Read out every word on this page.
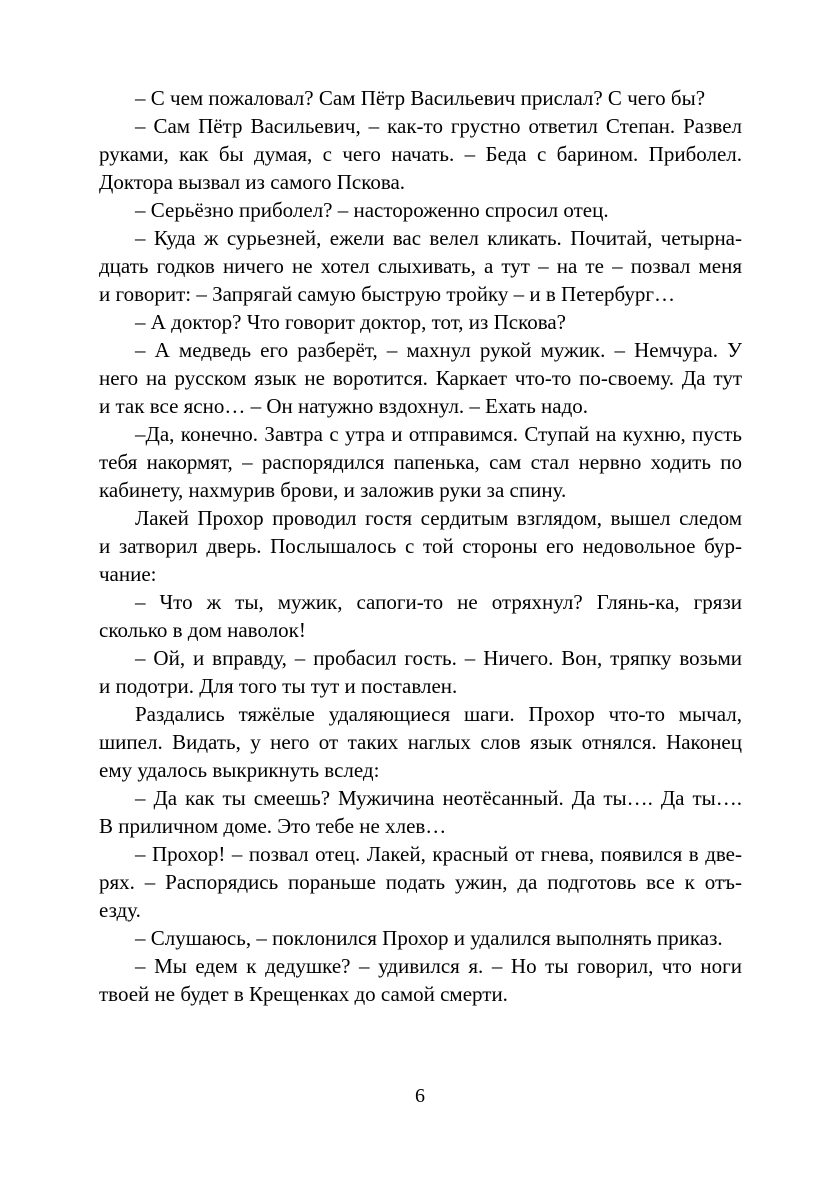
– С чем пожаловал? Сам Пётр Васильевич прислал? С чего бы?
– Сам Пётр Васильевич, – как-то грустно ответил Степан. Развел
руками, как бы думая, с чего начать. – Беда с барином. Приболел.
Доктора вызвал из самого Пскова.
– Серьёзно приболел? – настороженно спросил отец.
– Куда ж сурьезней, ежели вас велел кликать. Почитай, четырна-
дцать годков ничего не хотел слыхивать, а тут – на те – позвал меня
и говорит: – Запрягай самую быструю тройку – и в Петербург…
– А доктор? Что говорит доктор, тот, из Пскова?
– А медведь его разберёт, – махнул рукой мужик. – Немчура. У
него на русском язык не воротится. Каркает что-то по-своему. Да тут
и так все ясно… – Он натужно вздохнул. – Ехать надо.
–Да, конечно. Завтра с утра и отправимся. Ступай на кухню, пусть
тебя накормят, – распорядился папенька, сам стал нервно ходить по
кабинету, нахмурив брови, и заложив руки за спину.
Лакей Прохор проводил гостя сердитым взглядом, вышел следом
и затворил дверь. Послышалось с той стороны его недовольное бур-
чание:
– Что ж ты, мужик, сапоги-то не отряхнул? Глянь-ка, грязи
сколько в дом наволок!
– Ой, и вправду, – пробасил гость. – Ничего. Вон, тряпку возьми
и подотри. Для того ты тут и поставлен.
Раздались тяжёлые удаляющиеся шаги. Прохор что-то мычал,
шипел. Видать, у него от таких наглых слов язык отнялся. Наконец
ему удалось выкрикнуть вслед:
– Да как ты смеешь? Мужичина неотёсанный. Да ты…. Да ты….
В приличном доме. Это тебе не хлев…
– Прохор! – позвал отец. Лакей, красный от гнева, появился в две-
рях. – Распорядись пораньше подать ужин, да подготовь все к отъ-
езду.
– Слушаюсь, – поклонился Прохор и удалился выполнять приказ.
– Мы едем к дедушке? – удивился я. – Но ты говорил, что ноги
твоей не будет в Крещенках до самой смерти.
6
